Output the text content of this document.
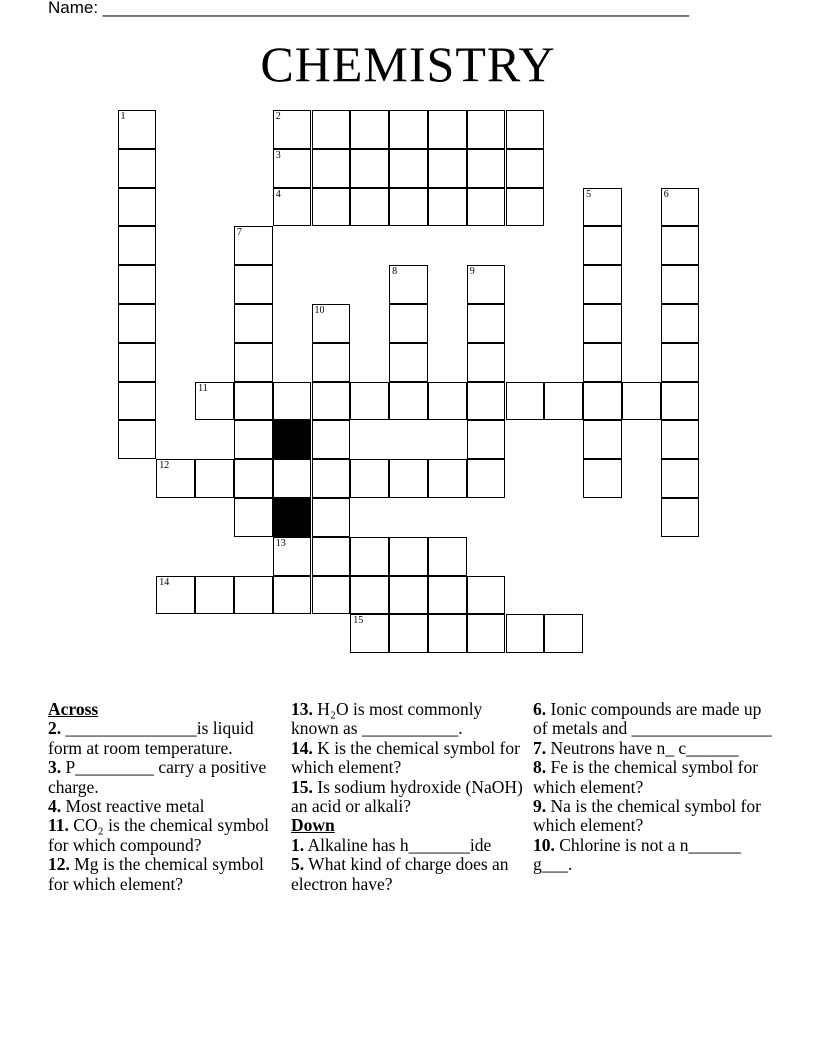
Name: ______________________________________________________________
CHEMISTRY
1	2
3
4	5	6
7
8	9
10
11
12
13
14
15
Across
2. _______________is liquid form at room temperature.
3. P_________ carry a positive charge.
4. Most reactive metal
11. CO₂ is the chemical symbol for which compound?
12. Mg is the chemical symbol for which element?
13. H₂O is most commonly known as ___________.
14. K is the chemical symbol for which element?
15. Is sodium hydroxide (NaOH) an acid or alkali?
Down
1. Alkaline has h_______ide
5. What kind of charge does an electron have?
6. Ionic compounds are made up of metals and ________________
7. Neutrons have n_ c______
8. Fe is the chemical symbol for which element?
9. Na is the chemical symbol for which element?
10. Chlorine is not a n______ g___.
